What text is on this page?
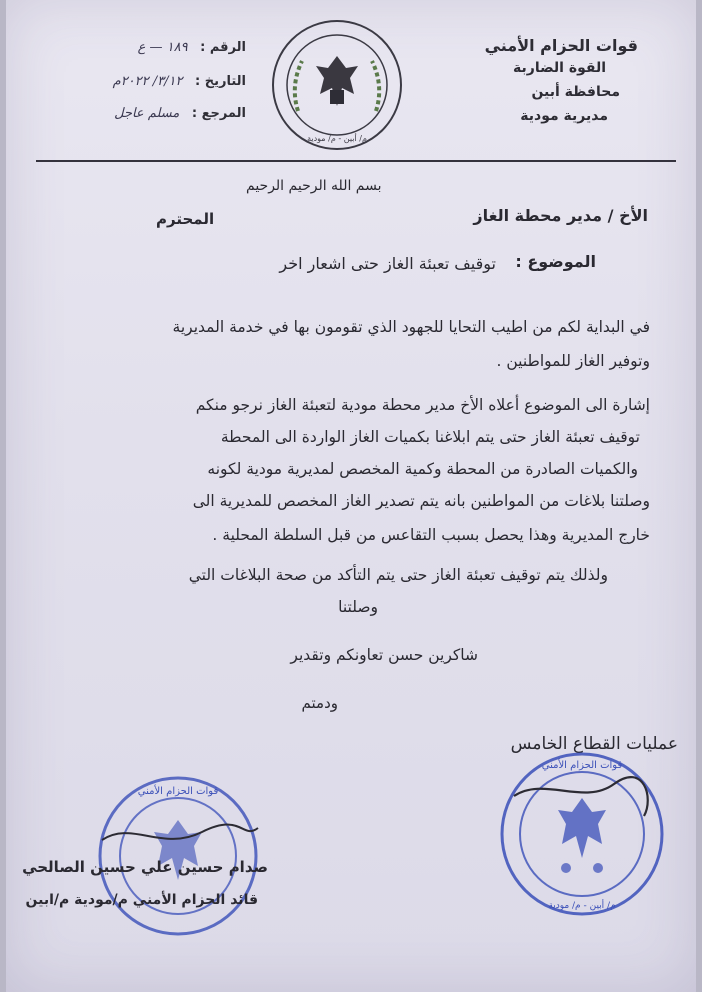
قوات الحزام الأمني
القوة الضاربة
محافظة أبين
مديرية مودية
م/ أبين - م/ مودية
الرقم : ١٨٩ — ع
التاريخ : ٣/١٢/ ٢٠٢٢م
المرجع : مسلم عاجل
بسم الله الرحيم الرحيم
الأخ / مدير محطة الغاز
المحترم
الموضوع :
توقيف تعبئة الغاز حتى اشعار اخر
في البداية لكم من اطيب التحايا للجهود الذي تقومون بها في خدمة المديرية
وتوفير الغاز للمواطنين .
إشارة الى الموضوع أعلاه الأخ مدير محطة مودية لتعبئة الغاز نرجو منكم
توقيف تعبئة الغاز حتى يتم ابلاغنا بكميات الغاز الواردة الى المحطة
والكميات الصادرة من المحطة وكمية المخصص لمديرية مودية لكونه
وصلتنا بلاغات من المواطنين بانه يتم تصدير الغاز المخصص للمديرية الى
خارج المديرية وهذا يحصل بسبب التقاعس من قبل السلطة المحلية .
ولذلك يتم توقيف تعبئة الغاز حتى يتم التأكد من صحة البلاغات التي
وصلتنا
شاكرين حسن تعاونكم وتقدير
ودمتم
عمليات القطاع الخامس
قوات الحزام الأمني
م/ أبين - م/ مودية
قوات الحزام الأمني
صدام حسين علي حسين الصالحي
قائد الحزام الأمني م/مودية م/ابين
